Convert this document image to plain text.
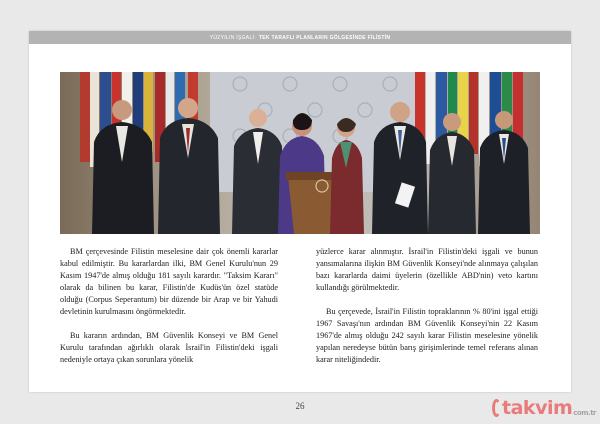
YÜZYILIN İŞGALİ: TEK TARAFLI PLANLARIN GÖLGESİNDE FİLİSTİN

BM çerçevesinde Filistin meselesine dair çok önemli kararlar kabul edilmiştir. Bu kararlardan ilki, BM Genel Kurulu'nun 29 Kasım 1947'de almış olduğu 181 sayılı karardır. "Taksim Kararı" olarak da bilinen bu karar, Filistin'de Kudüs'ün özel statüde olduğu (Corpus Seperantum) bir düzende bir Arap ve bir Yahudi devletinin kurulmasını öngörmektedir.

Bu kararın ardından, BM Güvenlik Konseyi ve BM Genel Kurulu tarafından ağırlıklı olarak İsrail'in Filistin'deki işgali nedeniyle ortaya çıkan sorunlara yönelik

yüzlerce karar alınmıştır. İsrail'in Filistin'deki işgali ve bunun yansımalarına ilişkin BM Güvenlik Konseyi'nde alınmaya çalışılan bazı kararlarda daimi üyelerin (özellikle ABD'nin) veto kartını kullandığı görülmektedir.

Bu çerçevede, İsrail'in Filistin topraklarının % 80'ini işgal ettiği 1967 Savaşı'nın ardından BM Güvenlik Konseyi'nin 22 Kasım 1967'de almış olduğu 242 sayılı karar Filistin meselesine yönelik yapılan neredeyse bütün barış girişimlerinde temel referans alınan karar niteliğindedir.

26	takvim com.tr
